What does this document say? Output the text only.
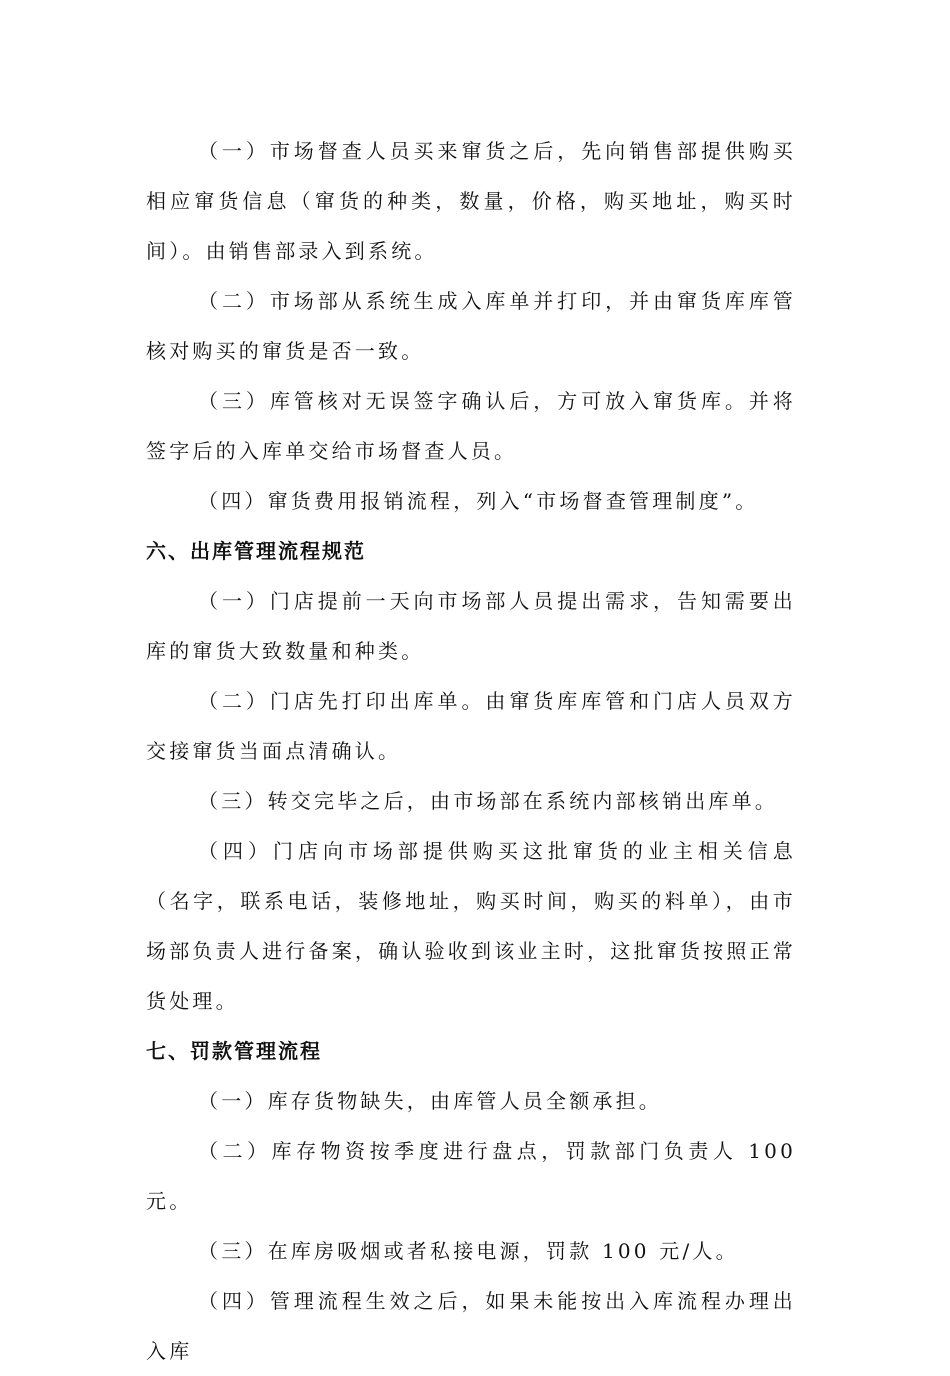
（一）市场督查人员买来窜货之后，先向销售部提供购买相应窜货信息（窜货的种类，数量，价格，购买地址，购买时间）。由销售部录入到系统。

（二）市场部从系统生成入库单并打印，并由窜货库库管核对购买的窜货是否一致。

（三）库管核对无误签字确认后，方可放入窜货库。并将签字后的入库单交给市场督查人员。

（四）窜货费用报销流程，列入“市场督查管理制度”。

六、出库管理流程规范

（一）门店提前一天向市场部人员提出需求，告知需要出库的窜货大致数量和种类。

（二）门店先打印出库单。由窜货库库管和门店人员双方交接窜货当面点清确认。

（三）转交完毕之后，由市场部在系统内部核销出库单。

（四）门店向市场部提供购买这批窜货的业主相关信息（名字，联系电话，装修地址，购买时间，购买的料单），由市场部负责人进行备案，确认验收到该业主时，这批窜货按照正常货处理。

七、罚款管理流程

（一）库存货物缺失，由库管人员全额承担。

（二）库存物资按季度进行盘点，罚款部门负责人 100 元。

（三）在库房吸烟或者私接电源，罚款 100 元/人。

（四）管理流程生效之后，如果未能按出入库流程办理出入库
